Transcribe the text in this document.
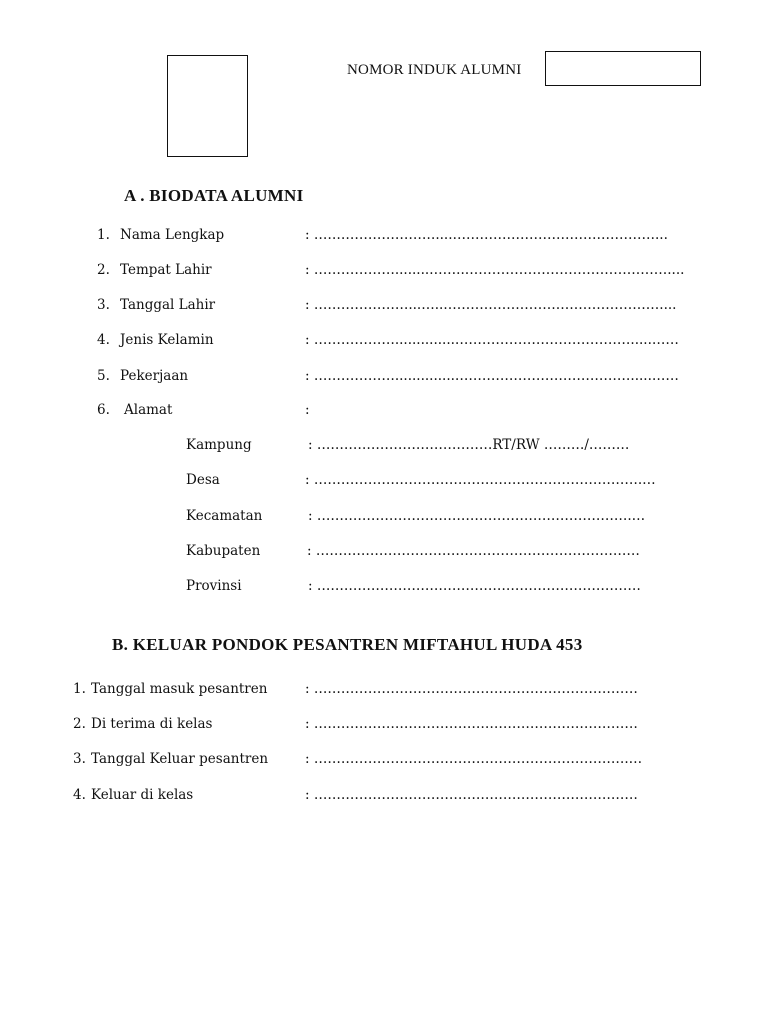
NOMOR INDUK ALUMNI
A . BIODATA ALUMNI
1. Nama Lengkap	: ………………………....………………………………………...
2. Tempat Lahir	: ………………........……..………………………………………....
3. Tanggal Lahir	: …………………...…..…………………………………………....
4. Jenis Kelamin	: ………………..............………………………………….....……
5. Pekerjaan	: ………………..............………………………………….....……
6. Alamat	:
Kampung	: …………………………………RT/RW ………/………
Desa	: ……………………………………………………………….…
Kecamatan	: …………………………………………………………….…
Kabupaten	: ………………………………………………………………
Provinsi	: ………………………………………………………………
B. KELUAR PONDOK PESANTREN MIFTAHUL HUDA 453
1. Tanggal masuk pesantren	: ………………………………………………………………
2. Di terima di kelas	: ………………………………………………………………
3. Tanggal Keluar pesantren	: …………………………………………………………….…
4. Keluar di kelas	: ………………………………………………………………
